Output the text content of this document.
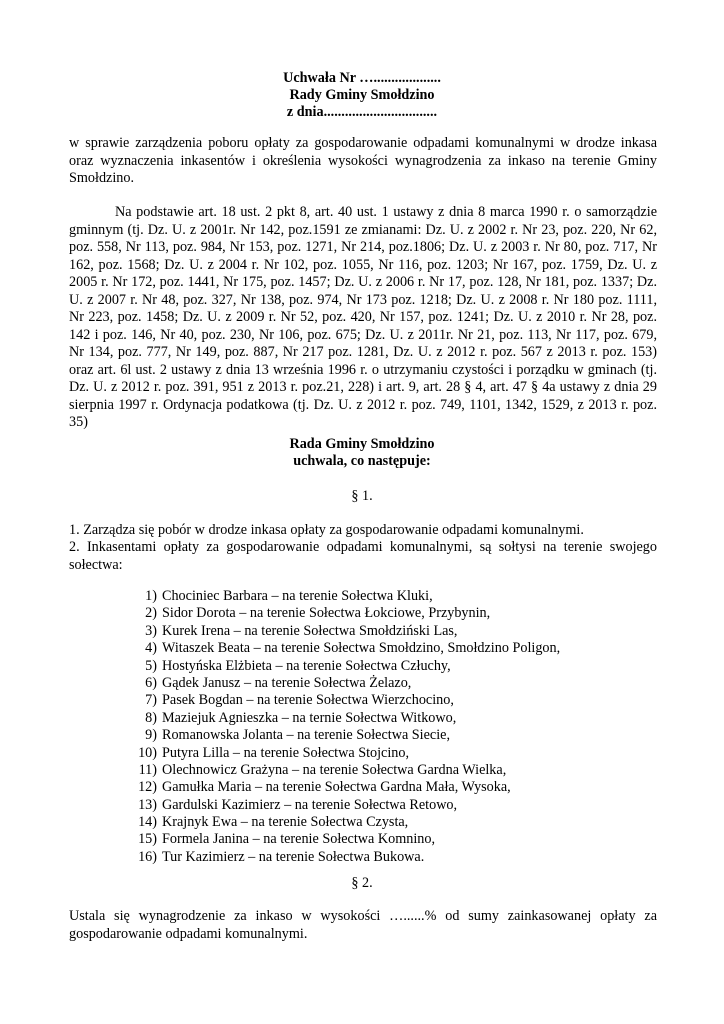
Uchwała Nr …...................
Rady Gminy Smołdzino
z dnia................................

w sprawie zarządzenia poboru opłaty za gospodarowanie odpadami komunalnymi w drodze inkasa oraz wyznaczenia inkasentów i określenia wysokości wynagrodzenia za inkaso na terenie Gminy Smołdzino.

Na podstawie art. 18 ust. 2 pkt 8, art. 40 ust. 1 ustawy z dnia 8 marca 1990 r. o samorządzie gminnym (tj. Dz. U. z 2001r. Nr 142, poz.1591 ze zmianami: Dz. U. z 2002 r. Nr 23, poz. 220, Nr 62, poz. 558, Nr 113, poz. 984, Nr 153, poz. 1271, Nr 214, poz.1806; Dz. U. z 2003 r. Nr 80, poz. 717, Nr 162, poz. 1568; Dz. U. z 2004 r. Nr 102, poz. 1055, Nr 116, poz. 1203; Nr 167, poz. 1759, Dz. U. z 2005 r. Nr 172, poz. 1441, Nr 175, poz. 1457; Dz. U. z 2006 r. Nr 17, poz. 128, Nr 181, poz. 1337; Dz. U. z 2007 r. Nr 48, poz. 327, Nr 138, poz. 974, Nr 173 poz. 1218; Dz. U. z 2008 r. Nr 180 poz. 1111, Nr 223, poz. 1458; Dz. U. z 2009 r. Nr 52, poz. 420, Nr 157, poz. 1241; Dz. U. z 2010 r. Nr 28, poz. 142 i poz. 146, Nr 40, poz. 230, Nr 106, poz. 675; Dz. U. z 2011r. Nr 21, poz. 113, Nr 117, poz. 679, Nr 134, poz. 777, Nr 149, poz. 887, Nr 217 poz. 1281, Dz. U. z 2012 r. poz. 567 z 2013 r. poz. 153) oraz art. 6l ust. 2 ustawy z dnia 13 września 1996 r. o utrzymaniu czystości i porządku w gminach (tj. Dz. U. z 2012 r. poz. 391, 951 z 2013 r. poz.21, 228) i art. 9, art. 28 § 4, art. 47 § 4a ustawy z dnia 29 sierpnia 1997 r. Ordynacja podatkowa (tj. Dz. U. z 2012 r. poz. 749, 1101, 1342, 1529, z 2013 r. poz. 35)

Rada Gminy Smołdzino
uchwala, co następuje:
§ 1.

1. Zarządza się pobór w drodze inkasa opłaty za gospodarowanie odpadami komunalnymi.

2. Inkasentami opłaty za gospodarowanie odpadami komunalnymi, są sołtysi na terenie swojego sołectwa:

1) Chociniec Barbara – na terenie Sołectwa Kluki,
2) Sidor Dorota – na terenie Sołectwa Łokciowe, Przybynin,
3) Kurek Irena – na terenie Sołectwa Smołdziński Las,
4) Witaszek Beata – na terenie Sołectwa Smołdzino, Smołdzino Poligon,
5) Hostyńska Elżbieta – na terenie Sołectwa Człuchy,
6) Gądek Janusz – na terenie Sołectwa Żelazo,
7) Pasek Bogdan – na terenie Sołectwa Wierzchocino,
8) Maziejuk Agnieszka – na ternie Sołectwa Witkowo,
9) Romanowska Jolanta – na terenie Sołectwa Siecie,
10) Putyra Lilla – na terenie Sołectwa Stojcino,
11) Olechnowicz Grażyna – na terenie Sołectwa Gardna Wielka,
12) Gamułka Maria – na terenie Sołectwa Gardna Mała, Wysoka,
13) Gardulski Kazimierz – na terenie Sołectwa Retowo,
14) Krajnyk Ewa – na terenie Sołectwa Czysta,
15) Formela Janina – na terenie Sołectwa Komnino,
16) Tur Kazimierz – na terenie Sołectwa Bukowa.
§ 2.

Ustala się wynagrodzenie za inkaso w wysokości …......% od sumy zainkasowanej opłaty za gospodarowanie odpadami komunalnymi.
